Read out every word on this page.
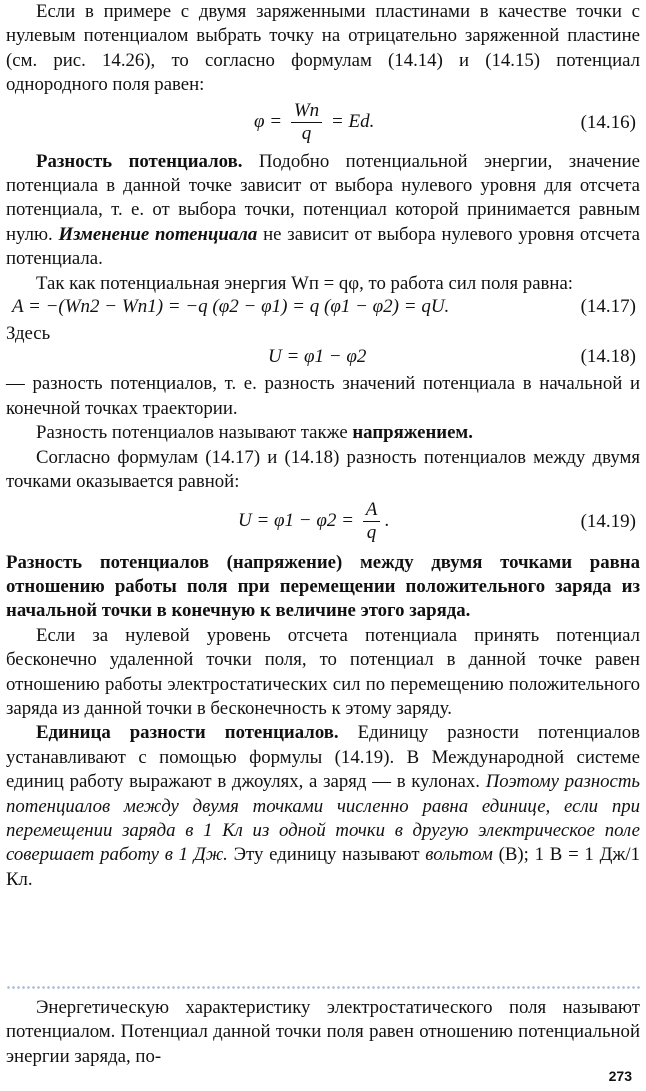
Если в примере с двумя заряженными пластинами в качестве точки с нулевым потенциалом выбрать точку на отрицательно заряженной пластине (см. рис. 14.26), то согласно формулам (14.14) и (14.15) потенциал однородного поля равен:

$\varphi = \frac{Wп}{q} = Ed$.	(14.16)

Разность потенциалов. Подобно потенциальной энергии, значение потенциала в данной точке зависит от выбора нулевого уровня для отсчета потенциала, т. е. от выбора точки, потенциал которой принимается равным нулю. Изменение потенциала не зависит от выбора нулевого уровня отсчета потенциала.

Так как потенциальная энергия Wп = qφ, то работа сил поля равна:

A = −(Wп2 − Wп1) = −q (φ2 − φ1) = q (φ1 − φ2) = qU.	(14.17)

Здесь

U = φ1 − φ2	(14.18)

— разность потенциалов, т. е. разность значений потенциала в начальной и конечной точках траектории.

Разность потенциалов называют также напряжением.

Согласно формулам (14.17) и (14.18) разность потенциалов между двумя точками оказывается равной:

$U = \varphi 1 - \varphi 2 = \frac{A}{q}$ .	(14.19)

Разность потенциалов (напряжение) между двумя точками равна отношению работы поля при перемещении положительного заряда из начальной точки в конечную к величине этого заряда.

Если за нулевой уровень отсчета потенциала принять потенциал бесконечно удаленной точки поля, то потенциал в данной точке равен отношению работы электростатических сил по перемещению положительного заряда из данной точки в бесконечность к этому заряду.

Единица разности потенциалов. Единицу разности потенциалов устанавливают с помощью формулы (14.19). В Международной системе единиц работу выражают в джоулях, а заряд — в кулонах. Поэтому разность потенциалов между двумя точками численно равна единице, если при перемещении заряда в 1 Кл из одной точки в другую электрическое поле совершает работу в 1 Дж. Эту единицу называют вольтом (В); 1 В = 1 Дж/1 Кл.

Энергетическую характеристику электростатического поля называют потенциалом. Потенциал данной точки поля равен отношению потенциальной энергии заряда, по-

273
